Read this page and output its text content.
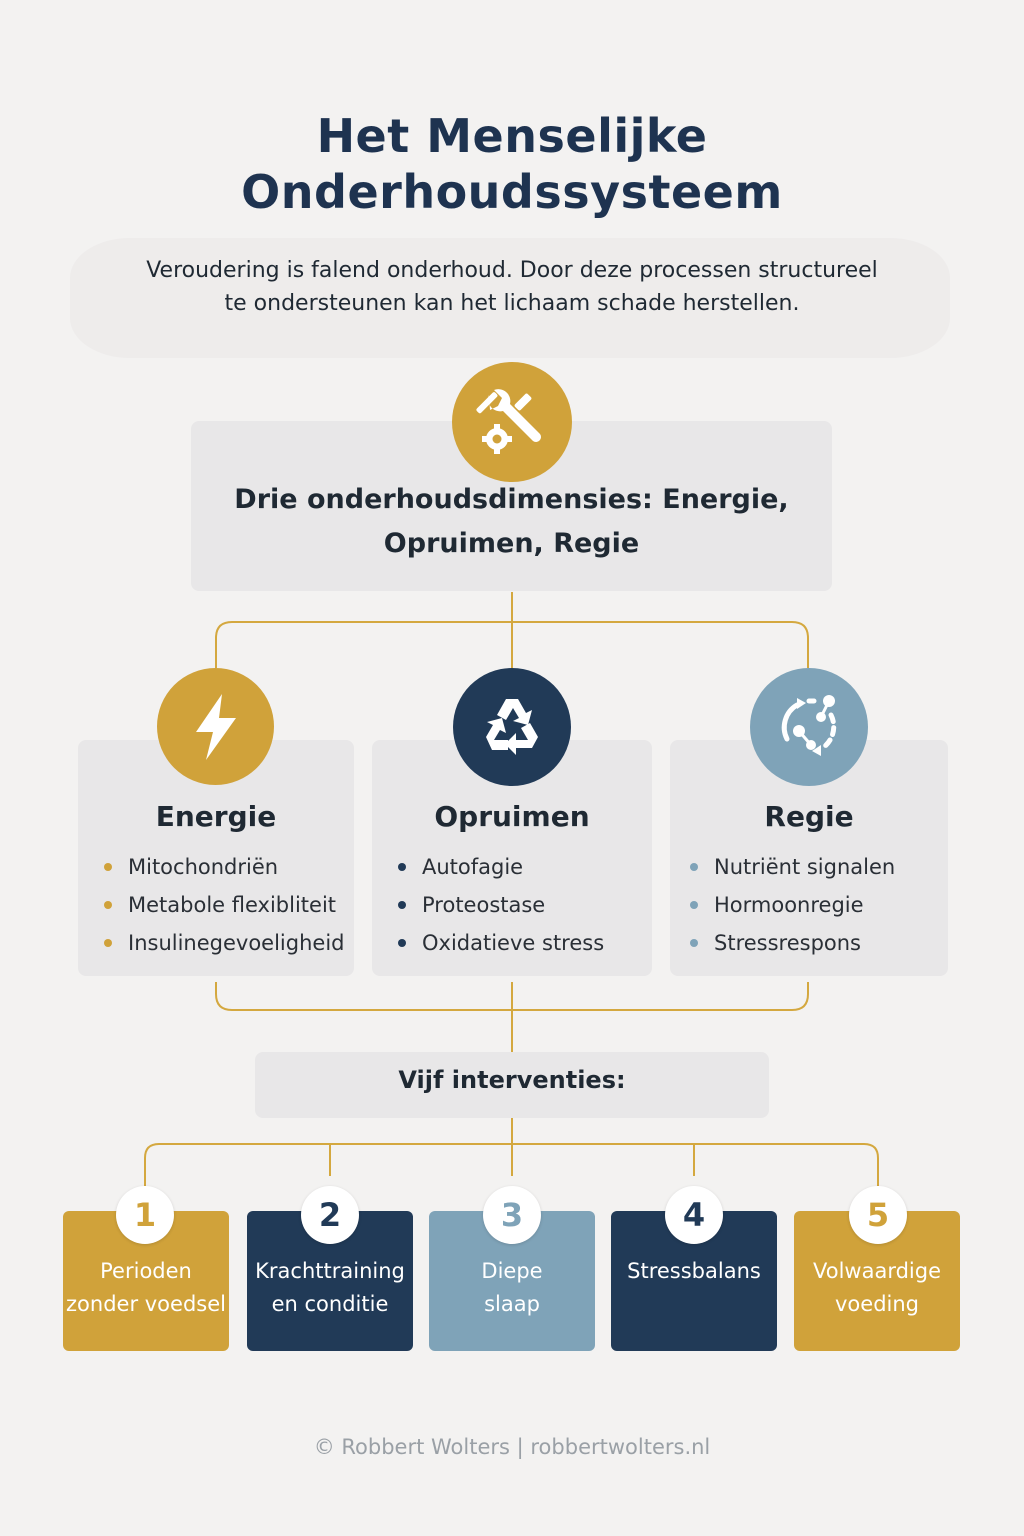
Het Menselijke
Onderhoudssysteem
Veroudering is falend onderhoud. Door deze processen structureel
te ondersteunen kan het lichaam schade herstellen.
Drie onderhoudsdimensies: Energie,
Opruimen, Regie
Energie
Mitochondriën
Metabole flexibliteit
Insulinegevoeligheid
Opruimen
Autofagie
Proteostase
Oxidatieve stress
Regie
Nutriënt signalen
Hormoonregie
Stressrespons
Vijf interventies:
1
Perioden
zonder voedsel
2
Krachttraining
en conditie
3
Diepe
slaap
4
Stressbalans
5
Volwaardige
voeding
© Robbert Wolters | robbertwolters.nl
